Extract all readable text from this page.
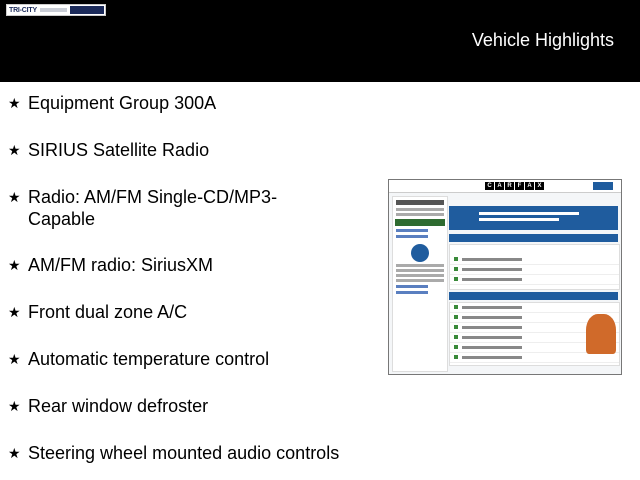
TRI-CITY
Vehicle Highlights
★ Equipment Group 300A
★ SIRIUS Satellite Radio
★ Radio: AM/FM Single-CD/MP3-Capable
★ AM/FM radio: SiriusXM
★ Front dual zone A/C
★ Automatic temperature control
★ Rear window defroster
★ Steering wheel mounted audio controls
C A R F	A X
